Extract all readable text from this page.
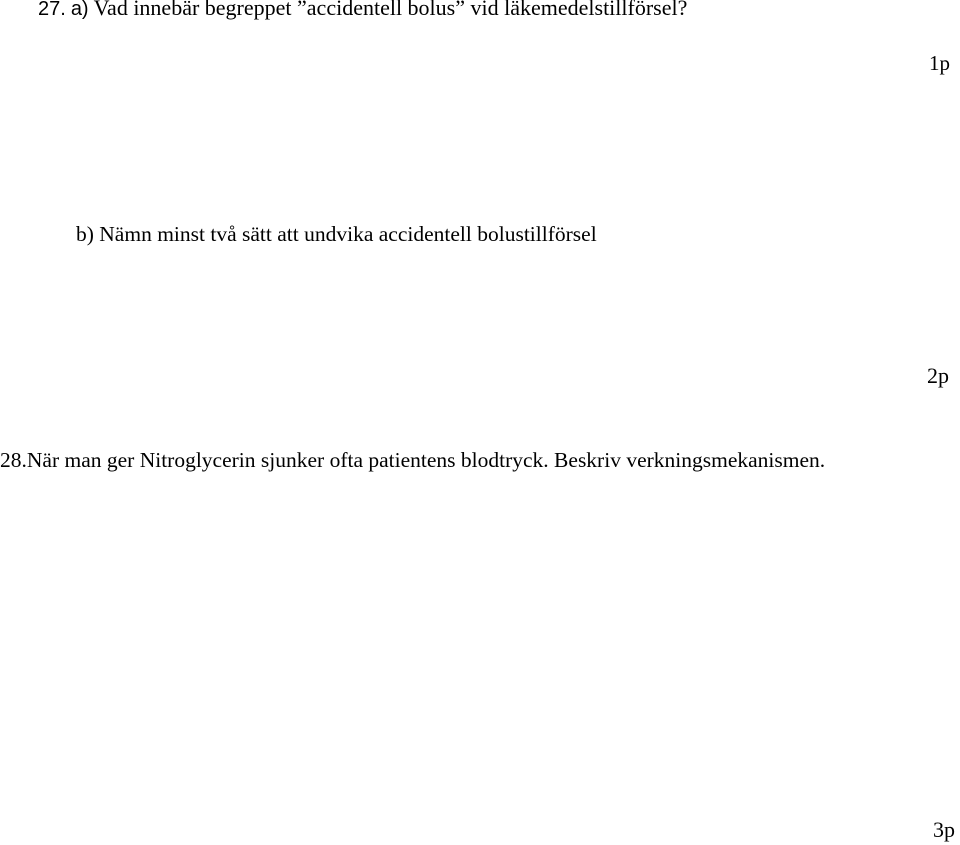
27. a) Vad innebär begreppet ”accidentell bolus” vid läkemedelstillförsel?
1p
b) Nämn minst två sätt att undvika accidentell bolustillförsel
2p
28.När man ger Nitroglycerin sjunker ofta patientens blodtryck. Beskriv verkningsmekanismen.
3p
